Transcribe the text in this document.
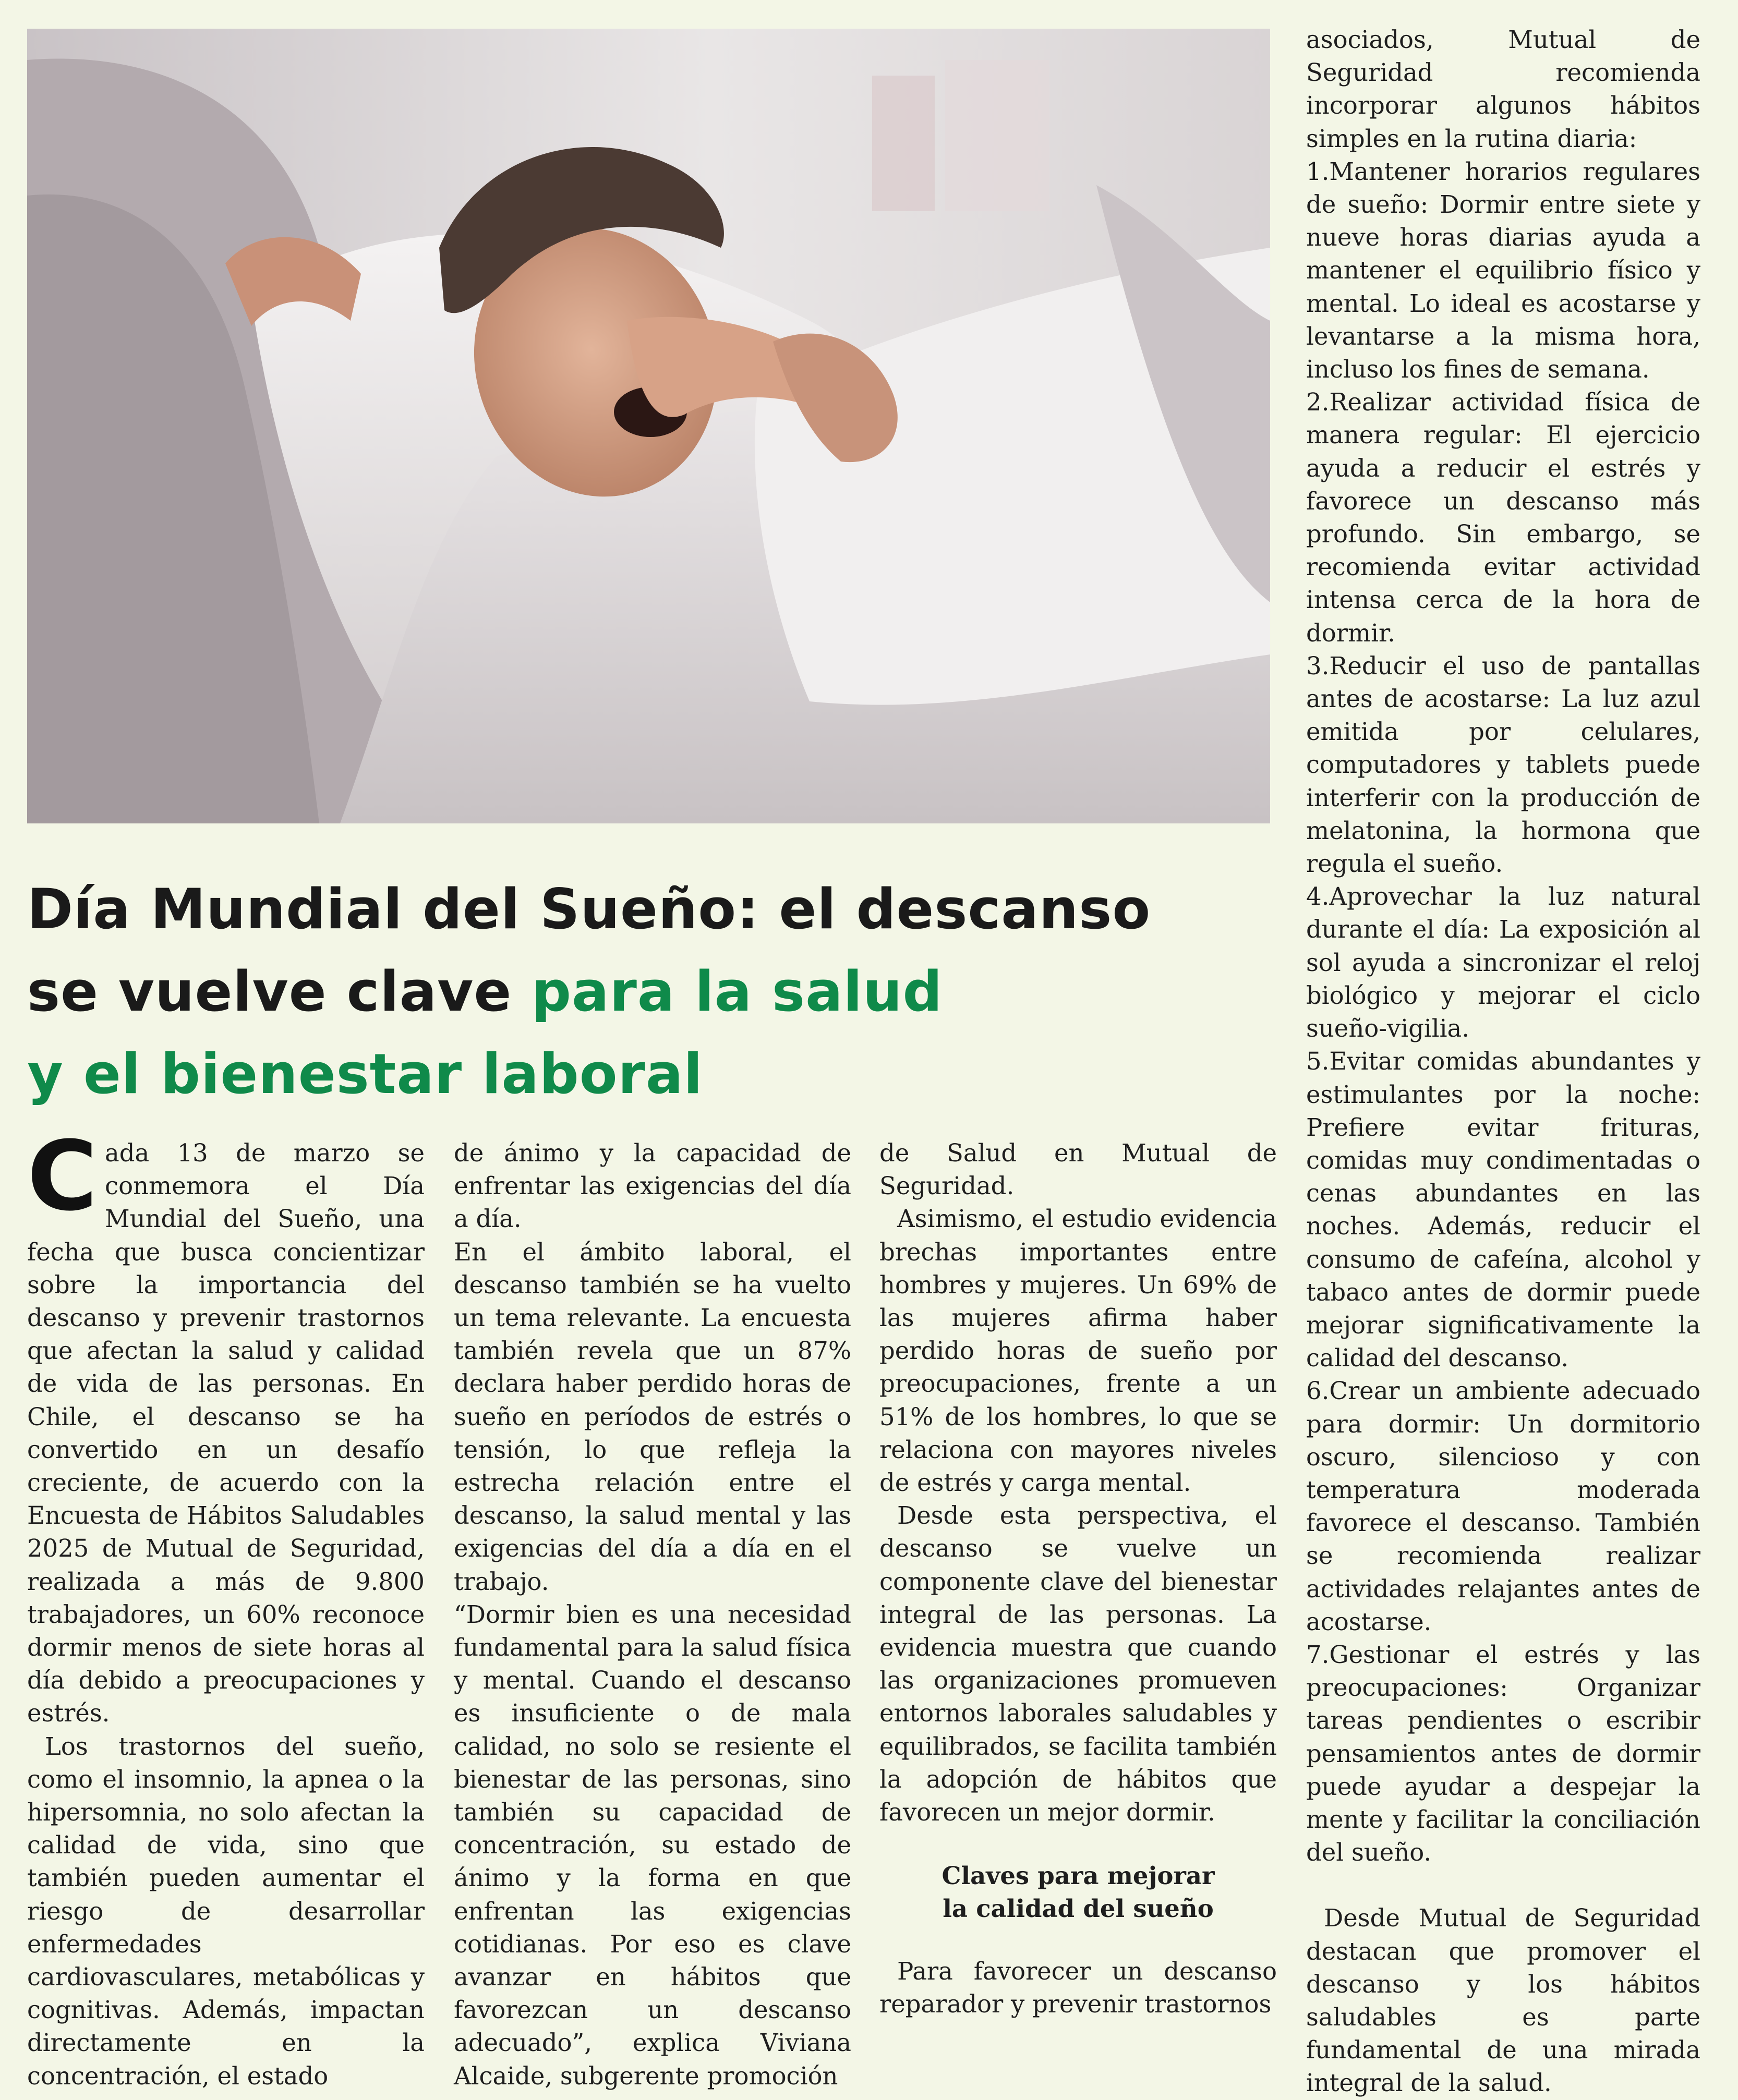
Día Mundial del Sueño: el descanso
se vuelve clave para la salud
y el bienestar laboral

Cada 13 de marzo se conmemora el Día Mundial del Sueño, una fecha que busca concientizar sobre la importancia del descanso y prevenir trastornos que afectan la salud y calidad de vida de las personas. En Chile, el descanso se ha convertido en un desafío creciente, de acuerdo con la Encuesta de Hábitos Saludables 2025 de Mutual de Seguridad, realizada a más de 9.800 trabajadores, un 60% reconoce dormir menos de siete horas al día debido a preocupaciones y estrés.

Los trastornos del sueño, como el insomnio, la apnea o la hipersomnia, no solo afectan la calidad de vida, sino que también pueden aumentar el riesgo de desarrollar enfermedades cardiovasculares, metabólicas y cognitivas. Además, impactan directamente en la concentración, el estado

de ánimo y la capacidad de enfrentar las exigencias del día a día.

En el ámbito laboral, el descanso también se ha vuelto un tema relevante. La encuesta también revela que un 87% declara haber perdido horas de sueño en períodos de estrés o tensión, lo que refleja la estrecha relación entre el descanso, la salud mental y las exigencias del día a día en el trabajo.

“Dormir bien es una necesidad fundamental para la salud física y mental. Cuando el descanso es insuficiente o de mala calidad, no solo se resiente el bienestar de las personas, sino también su capacidad de concentración, su estado de ánimo y la forma en que enfrentan las exigencias cotidianas. Por eso es clave avanzar en hábitos que favorezcan un descanso adecuado”, explica Viviana Alcaide, subgerente promoción

de Salud en Mutual de Seguridad.

Asimismo, el estudio evidencia brechas importantes entre hombres y mujeres. Un 69% de las mujeres afirma haber perdido horas de sueño por preocupaciones, frente a un 51% de los hombres, lo que se relaciona con mayores niveles de estrés y carga mental.

Desde esta perspectiva, el descanso se vuelve un componente clave del bienestar integral de las personas. La evidencia muestra que cuando las organizaciones promueven entornos laborales saludables y equilibrados, se facilita también la adopción de hábitos que favorecen un mejor dormir.

Claves para mejorar
la calidad del sueño

Para favorecer un descanso reparador y prevenir trastornos

asociados, Mutual de Seguridad recomienda incorporar algunos hábitos simples en la rutina diaria:

1.Mantener horarios regulares de sueño: Dormir entre siete y nueve horas diarias ayuda a mantener el equilibrio físico y mental. Lo ideal es acostarse y levantarse a la misma hora, incluso los fines de semana.

2.Realizar actividad física de manera regular: El ejercicio ayuda a reducir el estrés y favorece un descanso más profundo. Sin embargo, se recomienda evitar actividad intensa cerca de la hora de dormir.

3.Reducir el uso de pantallas antes de acostarse: La luz azul emitida por celulares, computadores y tablets puede interferir con la producción de melatonina, la hormona que regula el sueño.

4.Aprovechar la luz natural durante el día: La exposición al sol ayuda a sincronizar el reloj biológico y mejorar el ciclo sueño-vigilia.

5.Evitar comidas abundantes y estimulantes por la noche: Prefiere evitar frituras, comidas muy condimentadas o cenas abundantes en las noches. Además, reducir el consumo de cafeína, alcohol y tabaco antes de dormir puede mejorar significativamente la calidad del descanso.

6.Crear un ambiente adecuado para dormir: Un dormitorio oscuro, silencioso y con temperatura moderada favorece el descanso. También se recomienda realizar actividades relajantes antes de acostarse.

7.Gestionar el estrés y las preocupaciones: Organizar tareas pendientes o escribir pensamientos antes de dormir puede ayudar a despejar la mente y facilitar la conciliación del sueño.

Desde Mutual de Seguridad destacan que promover el descanso y los hábitos saludables es parte fundamental de una mirada integral de la salud.
